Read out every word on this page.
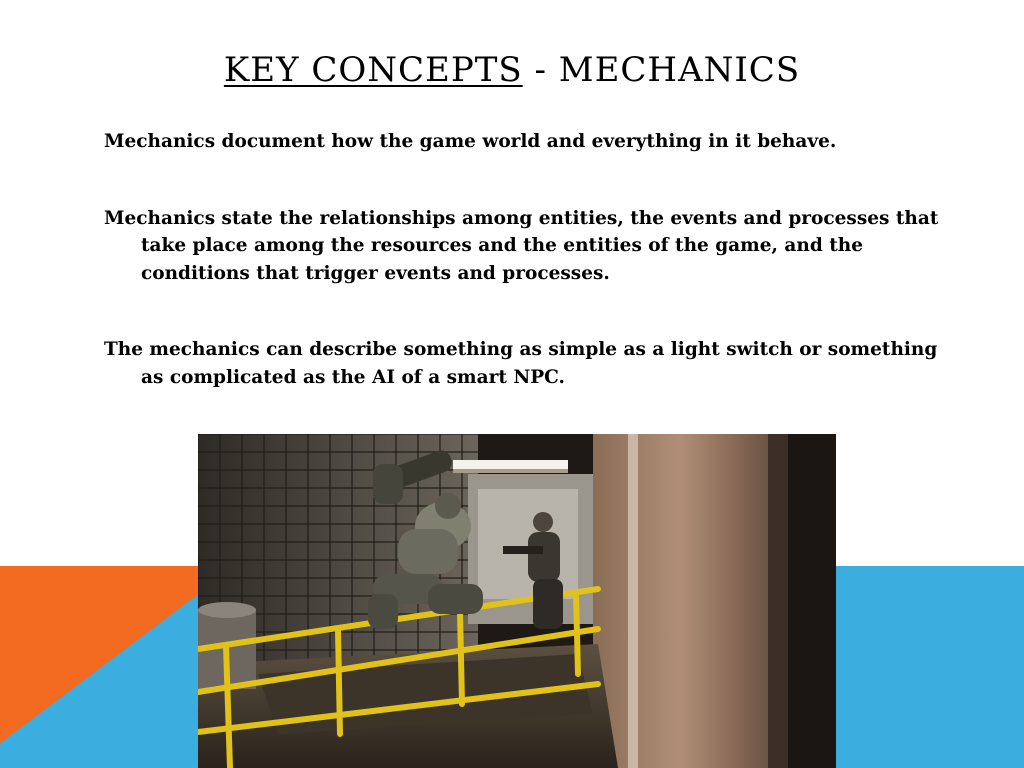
KEY CONCEPTS - MECHANICS

Mechanics document how the game world and everything in it behave.

Mechanics state the relationships among entities, the events and processes that take place among the resources and the entities of the game, and the conditions that trigger events and processes.

The mechanics can describe something as simple as a light switch or something as complicated as the AI of a smart NPC.
